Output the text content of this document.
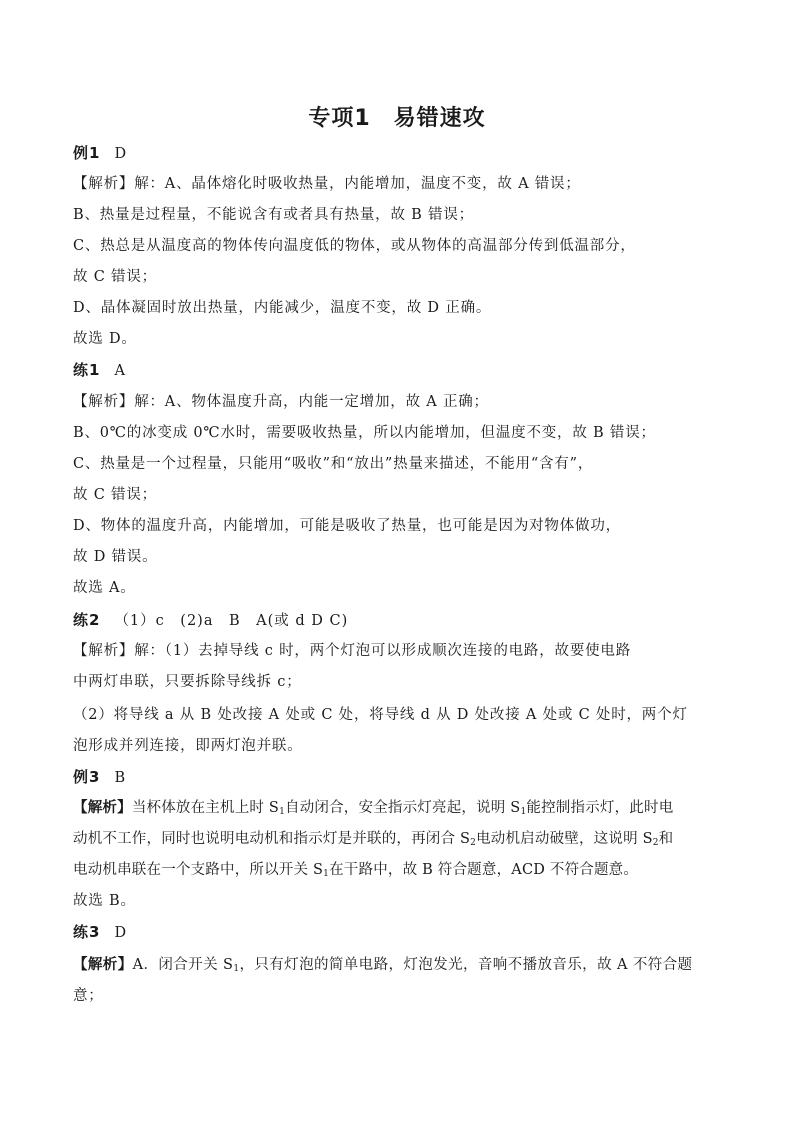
专项1　易错速攻
例1 D
【解析】解：A、晶体熔化时吸收热量，内能增加，温度不变，故 A 错误；
B、热量是过程量，不能说含有或者具有热量，故 B 错误；
C、热总是从温度高的物体传向温度低的物体，或从物体的高温部分传到低温部分，
故 C 错误；
D、晶体凝固时放出热量，内能减少，温度不变，故 D 正确。
故选 D。
练1 A
【解析】解：A、物体温度升高，内能一定增加，故 A 正确；
B、0℃的冰变成 0℃水时，需要吸收热量，所以内能增加，但温度不变，故 B 错误；
C、热量是一个过程量，只能用“吸收”和“放出”热量来描述，不能用“含有”，
故 C 错误；
D、物体的温度升高，内能增加，可能是吸收了热量，也可能是因为对物体做功，
故 D 错误。
故选 A。
练2 （1）c　(2)a　B　A(或 d D C)
【解析】解：（1）去掉导线 c 时，两个灯泡可以形成顺次连接的电路，故要使电路
中两灯串联，只要拆除导线拆 c；
（2）将导线 a 从 B 处改接 A 处或 C 处，将导线 d 从 D 处改接 A 处或 C 处时，两个灯
泡形成并列连接，即两灯泡并联。
例3 B
【解析】当杯体放在主机上时 $S_1$自动闭合，安全指示灯亮起，说明 $S_1$能控制指示灯，此时电
动机不工作，同时也说明电动机和指示灯是并联的，再闭合 $S_2$电动机启动破壁，这说明 $S_2$和
电动机串联在一个支路中，所以开关 $S_1$在干路中，故 B 符合题意，ACD 不符合题意。
故选 B。
练3 D
【解析】A．闭合开关 $S_1$，只有灯泡的简单电路，灯泡发光，音响不播放音乐，故 A 不符合题
意；
